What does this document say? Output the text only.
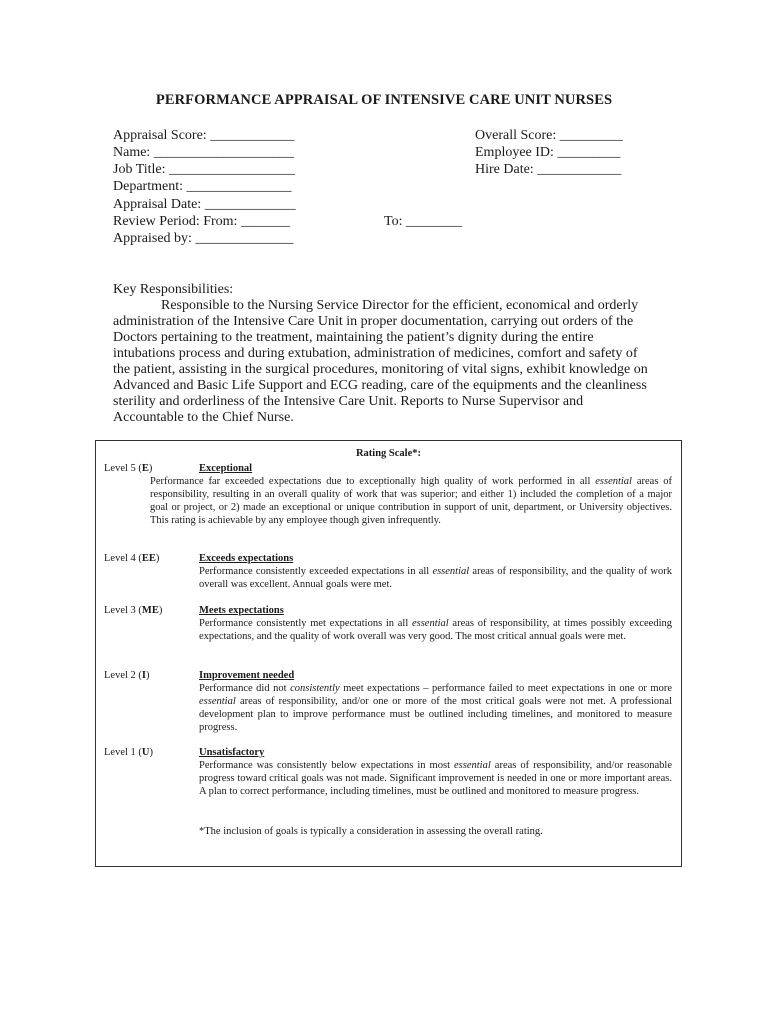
PERFORMANCE APPRAISAL OF INTENSIVE CARE UNIT NURSES
Appraisal Score: ____________
Name: ____________________
Job Title: __________________
Department: _______________
Appraisal Date: _____________
Review Period: From: _______	To: ________
Appraised by: ______________
Overall Score: _________
Employee ID: _________
Hire Date: ____________
Key Responsibilities:
Responsible to the Nursing Service Director for the efficient, economical and orderly administration of the Intensive Care Unit in proper documentation, carrying out orders of the Doctors pertaining to the treatment, maintaining the patient’s dignity during the entire intubations process and during extubation, administration of medicines, comfort and safety of the patient, assisting in the surgical procedures, monitoring of vital signs, exhibit knowledge on Advanced and Basic Life Support and ECG reading, care of the equipments and the cleanliness sterility and orderliness of the Intensive Care Unit. Reports to Nurse Supervisor and Accountable to the Chief Nurse.
Rating Scale*:
Level 5 (E)	Exceptional
Performance far exceeded expectations due to exceptionally high quality of work performed in all essential areas of responsibility, resulting in an overall quality of work that was superior; and either 1) included the completion of a major goal or project, or 2) made an exceptional or unique contribution in support of unit, department, or University objectives. This rating is achievable by any employee though given infrequently.
Level 4 (EE)	Exceeds expectations
Performance consistently exceeded expectations in all essential areas of responsibility, and the quality of work overall was excellent. Annual goals were met.
Level 3 (ME)	Meets expectations
Performance consistently met expectations in all essential areas of responsibility, at times possibly exceeding expectations, and the quality of work overall was very good. The most critical annual goals were met.
Level 2 (I)	Improvement needed
Performance did not consistently meet expectations – performance failed to meet expectations in one or more essential areas of responsibility, and/or one or more of the most critical goals were not met. A professional development plan to improve performance must be outlined including timelines, and monitored to measure progress.
Level 1 (U)	Unsatisfactory
Performance was consistently below expectations in most essential areas of responsibility, and/or reasonable progress toward critical goals was not made. Significant improvement is needed in one or more important areas. A plan to correct performance, including timelines, must be outlined and monitored to measure progress.
*The inclusion of goals is typically a consideration in assessing the overall rating.
